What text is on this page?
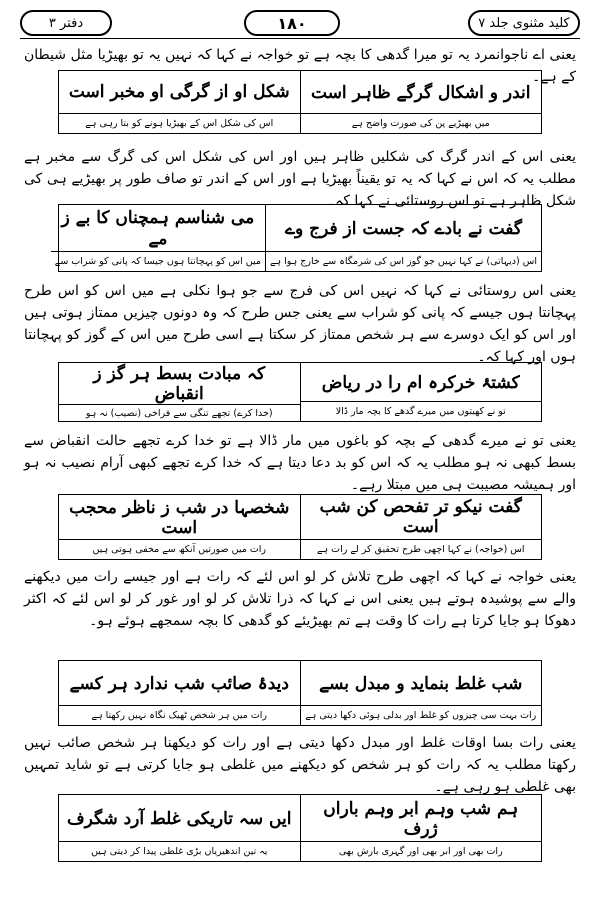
کلید مثنوی جلد ۷
۱۸۰
دفتر ۳
یعنی اے ناجوانمرد یہ تو میرا گدھی کا بچہ ہے تو خواجہ نے کہا کہ نہیں یہ تو بھیڑیا مثل شیطان کے ہے۔
اندر و اشکال گرگے ظاہر است
میں بھیڑیے پن کی صورت واضح ہے
شکل او از گرگی او مخبر است
اس کی شکل اس کے بھیڑیا ہونے کو بتا رہی ہے
یعنی اس کے اندر گرگ کی شکلیں ظاہر ہیں اور اس کی شکل اس کی گرگ سے مخبر ہے مطلب یہ کہ اس نے کہا کہ یہ تو یقیناً بھیڑیا ہے اور اس کے اندر تو صاف طور پر بھیڑیے ہی کی شکل ظاہر ہے تو اس روستائی نے کہا کہ۔
گفت نے بادے کہ جست از فرج وے
اس (دیہاتی) نے کہا نہیں جو گوز اس کی شرمگاہ سے خارج ہوا ہے
می شناسم ہمچناں کا بے ز مے
میں اس کو پہچانتا ہوں جیسا کہ پانی کو شراب سے
یعنی اس روستائی نے کہا کہ نہیں اس کی فرج سے جو ہوا نکلی ہے میں اس کو اس طرح پہچانتا ہوں جیسے کہ پانی کو شراب سے یعنی جس طرح کہ وہ دونوں چیزیں ممتاز ہوتی ہیں اور اس کو ایک دوسرے سے ہر شخص ممتاز کر سکتا ہے اسی طرح میں اس کے گوز کو پہچانتا ہوں اور کہا کہ۔
کشتۂ خرکرہ ام را در ریاض
تو نے کھیتوں میں میرے گدھے کا بچہ مار ڈالا
کہ مبادت بسط ہر گز ز انقباض
(خدا کرے) تجھے تنگی سے فراخی (نصیب) نہ ہو
یعنی تو نے میرے گدھی کے بچہ کو باغوں میں مار ڈالا ہے تو خدا کرے تجھے حالت انقباض سے بسط کبھی نہ ہو مطلب یہ کہ اس کو بد دعا دیتا ہے کہ خدا کرے تجھے کبھی آرام نصیب نہ ہو اور ہمیشہ مصیبت ہی میں مبتلا رہے۔
گفت نیکو تر تفحص کن شب است
اس (خواجہ) نے کہا اچھی طرح تحقیق کر لے رات ہے
شخصہا در شب ز ناظر محجب است
رات میں صورتیں آنکھ سے مخفی ہوتی ہیں
یعنی خواجہ نے کہا کہ اچھی طرح تلاش کر لو اس لئے کہ رات ہے اور جیسے رات میں دیکھنے والے سے پوشیدہ ہوتے ہیں یعنی اس نے کہا کہ ذرا تلاش کر لو اور غور کر لو اس لئے کہ اکثر دھوکا ہو جایا کرتا ہے رات کا وقت ہے تم بھیڑیئے کو گدھی کا بچہ سمجھے ہوئے ہو۔
شب غلط بنماید و مبدل بسے
رات بہت سی چیزوں کو غلط اور بدلی ہوئی دکھا دیتی ہے
دیدۂ صائب شب ندارد ہر کسے
رات میں ہر شخص ٹھیک نگاہ نہیں رکھتا ہے
یعنی رات بسا اوقات غلط اور مبدل دکھا دیتی ہے اور رات کو دیکھنا ہر شخص صائب نہیں رکھتا مطلب یہ کہ رات کو ہر شخص کو دیکھنے میں غلطی ہو جایا کرتی ہے تو شاید تمہیں بھی غلطی ہو رہی ہے۔
ہم شب وہم ابر وہم باراں ژرف
رات بھی اور ابر بھی اور گہری بارش بھی
ایں سہ تاریکی غلط آرد شگرف
یہ تین اندھیریاں بڑی غلطی پیدا کر دیتی ہیں
